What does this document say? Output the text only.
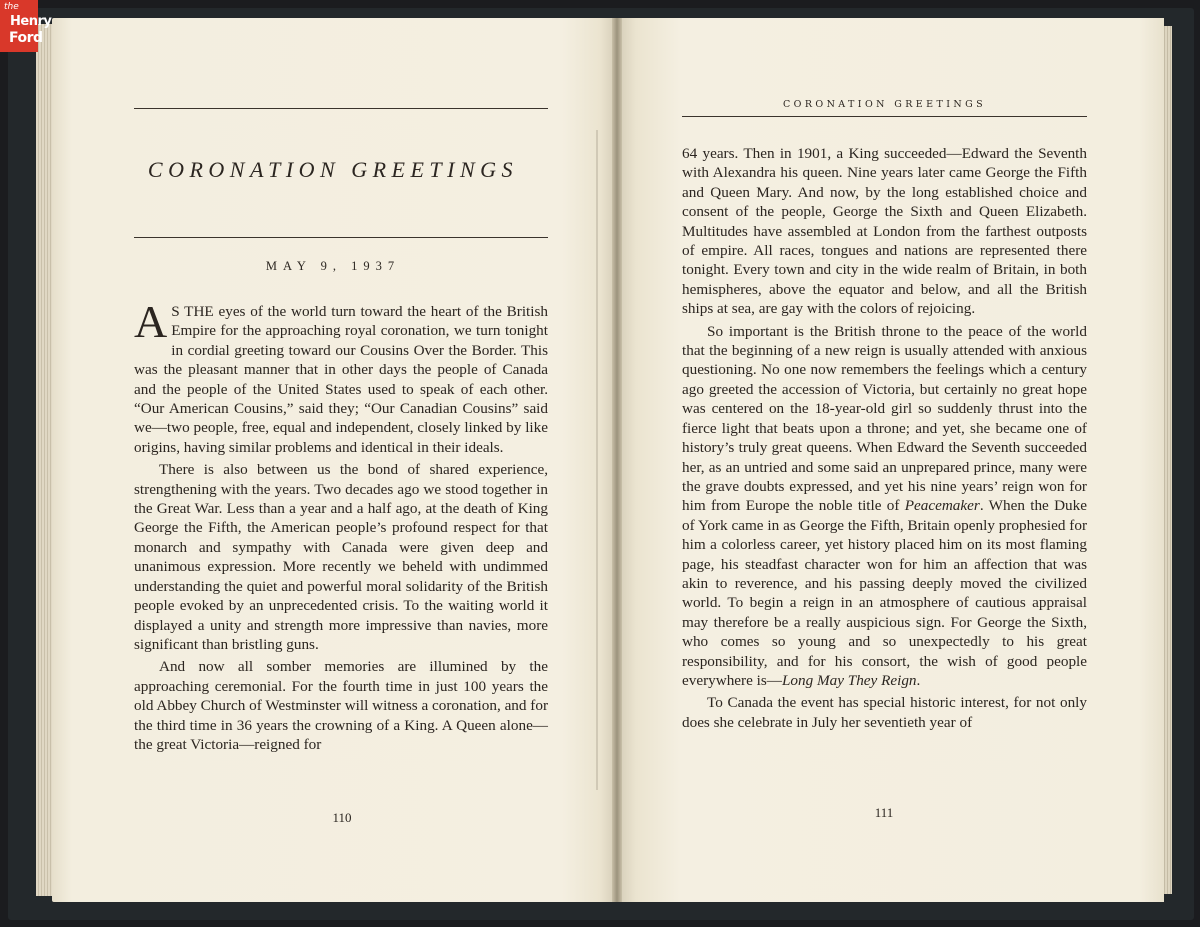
the
Henry
Ford
CORONATION GREETINGS
MAY 9, 1937

A S THE eyes of the world turn toward the heart of the British Empire for the approaching royal coronation, we turn tonight in cordial greeting toward our Cousins Over the Border. This was the pleasant manner that in other days the people of Canada and the people of the United States used to speak of each other. “Our American Cousins,” said they; “Our Canadian Cousins” said we—two people, free, equal and independent, closely linked by like origins, having similar problems and identical in their ideals.

There is also between us the bond of shared experience, strengthening with the years. Two decades ago we stood together in the Great War. Less than a year and a half ago, at the death of King George the Fifth, the American people’s profound respect for that monarch and sympathy with Canada were given deep and unanimous expression. More recently we beheld with undimmed understanding the quiet and powerful moral solidarity of the British people evoked by an unprecedented crisis. To the waiting world it displayed a unity and strength more impressive than navies, more significant than bristling guns.

And now all somber memories are illumined by the approaching ceremonial. For the fourth time in just 100 years the old Abbey Church of Westminster will witness a coronation, and for the third time in 36 years the crowning of a King. A Queen alone—the great Victoria—reigned for

110
CORONATION GREETINGS

64 years. Then in 1901, a King succeeded—Edward the Seventh with Alexandra his queen. Nine years later came George the Fifth and Queen Mary. And now, by the long established choice and consent of the people, George the Sixth and Queen Elizabeth. Multitudes have assembled at London from the farthest outposts of empire. All races, tongues and nations are represented there tonight. Every town and city in the wide realm of Britain, in both hemispheres, above the equator and below, and all the British ships at sea, are gay with the colors of rejoicing.

So important is the British throne to the peace of the world that the beginning of a new reign is usually attended with anxious questioning. No one now remembers the feelings which a century ago greeted the accession of Victoria, but certainly no great hope was centered on the 18-year-old girl so suddenly thrust into the fierce light that beats upon a throne; and yet, she became one of history’s truly great queens. When Edward the Seventh succeeded her, as an untried and some said an unprepared prince, many were the grave doubts expressed, and yet his nine years’ reign won for him from Europe the noble title of Peacemaker. When the Duke of York came in as George the Fifth, Britain openly prophesied for him a colorless career, yet history placed him on its most flaming page, his steadfast character won for him an affection that was akin to reverence, and his passing deeply moved the civilized world. To begin a reign in an atmosphere of cautious appraisal may therefore be a really auspicious sign. For George the Sixth, who comes so young and so unexpectedly to his great responsibility, and for his consort, the wish of good people everywhere is—Long May They Reign.

To Canada the event has special historic interest, for not only does she celebrate in July her seventieth year of

111
